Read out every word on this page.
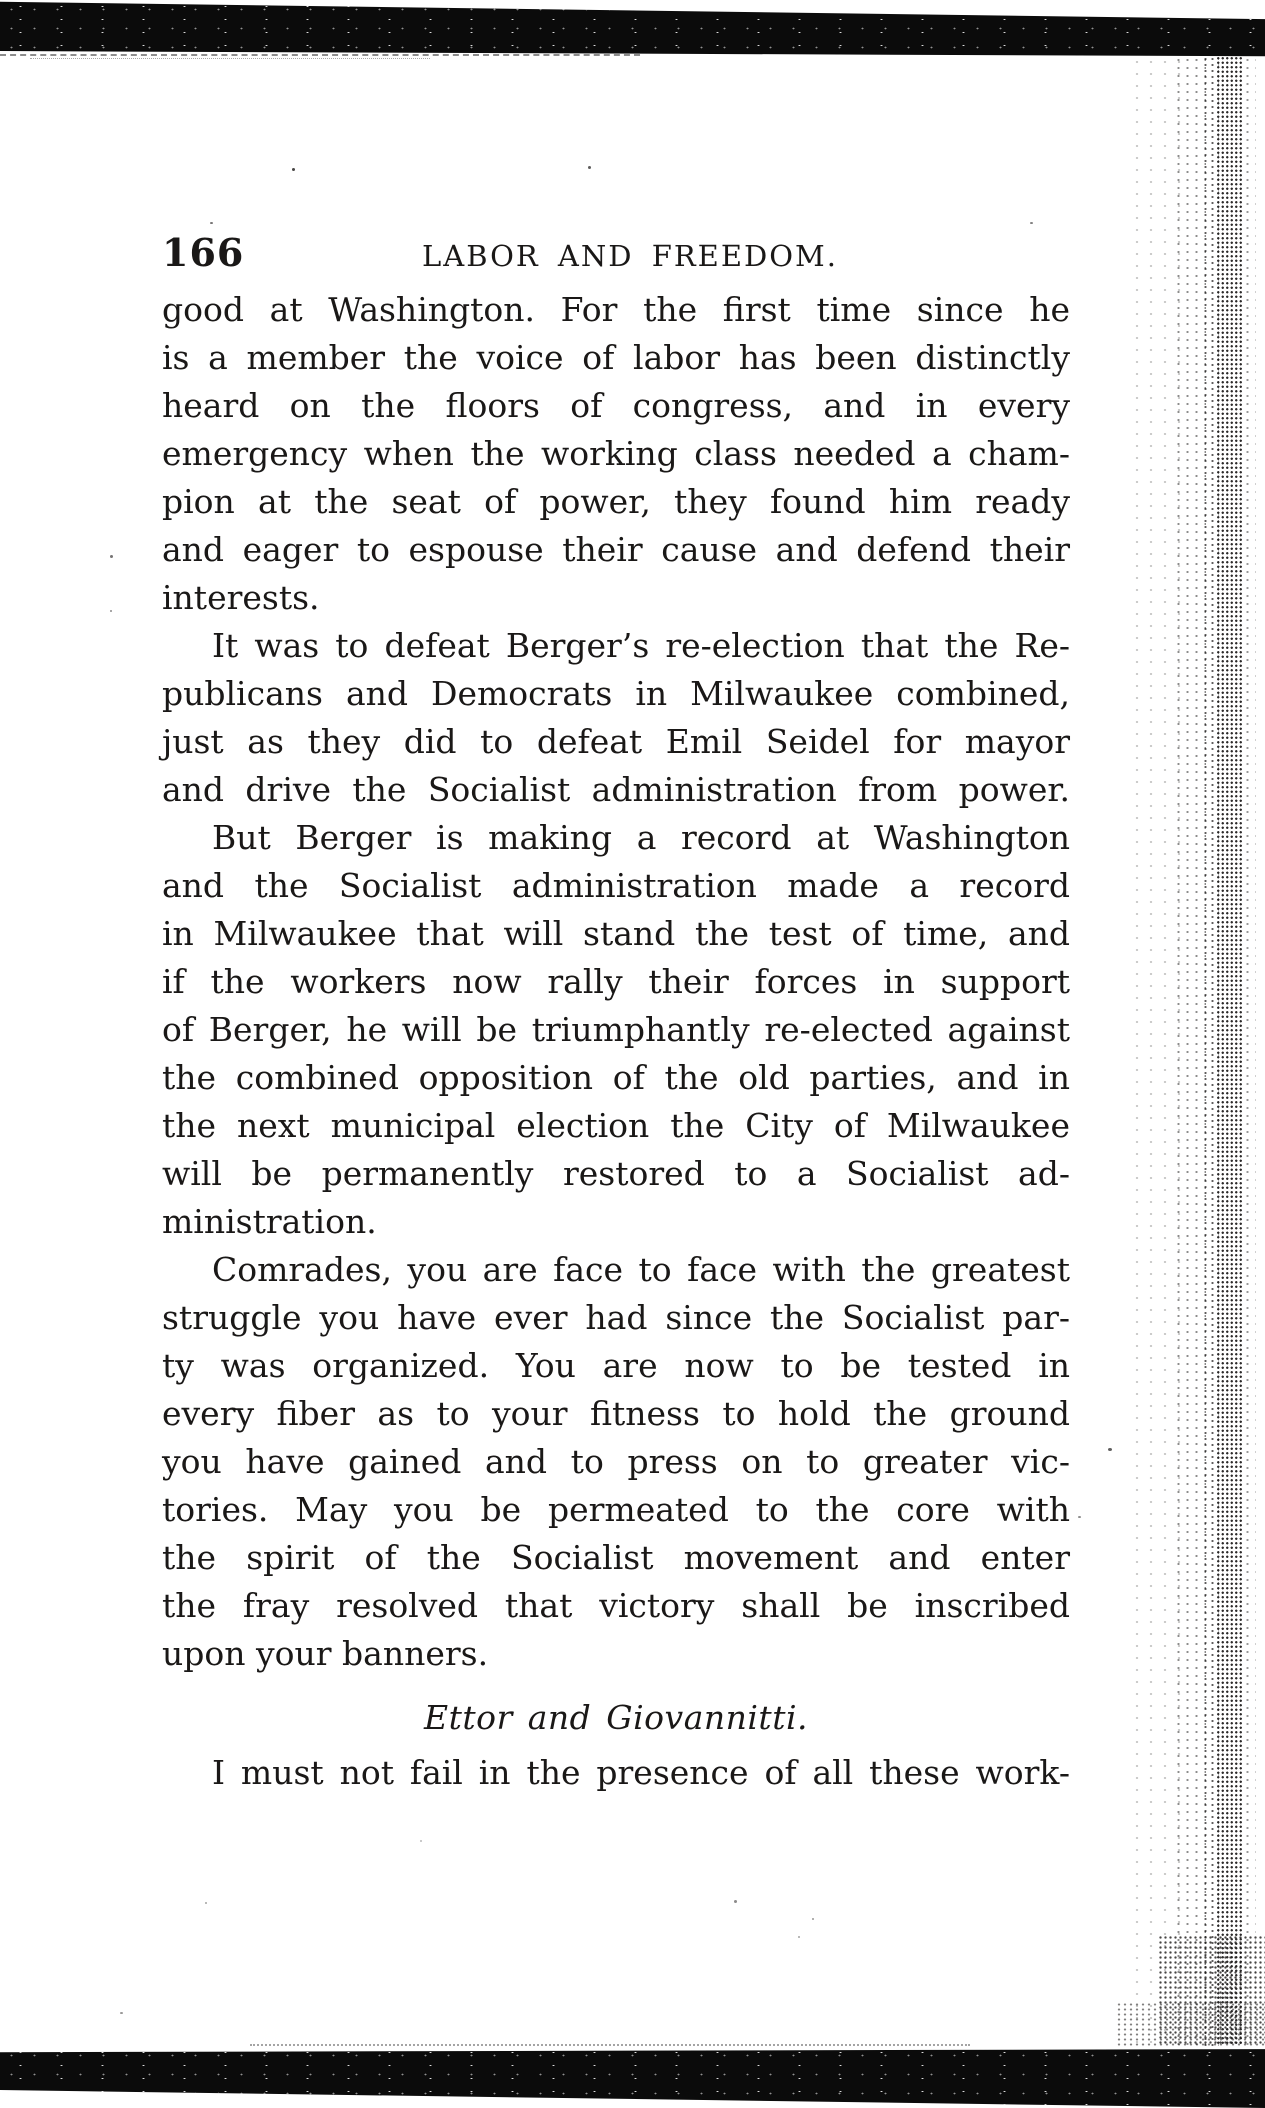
166	LABOR AND FREEDOM.
good at Washington. For the first time since he
is a member the voice of labor has been distinctly
heard on the floors of congress, and in every
emergency when the working class needed a cham-
pion at the seat of power, they found him ready
and eager to espouse their cause and defend their
interests.
It was to defeat Berger’s re-election that the Re-
publicans and Democrats in Milwaukee combined,
just as they did to defeat Emil Seidel for mayor
and drive the Socialist administration from power.
But Berger is making a record at Washington
and the Socialist administration made a record
in Milwaukee that will stand the test of time, and
if the workers now rally their forces in support
of Berger, he will be triumphantly re-elected against
the combined opposition of the old parties, and in
the next municipal election the City of Milwaukee
will be permanently restored to a Socialist ad-
ministration.
Comrades, you are face to face with the greatest
struggle you have ever had since the Socialist par-
ty was organized. You are now to be tested in
every fiber as to your fitness to hold the ground
you have gained and to press on to greater vic-
tories. May you be permeated to the core with
the spirit of the Socialist movement and enter
the fray resolved that victory shall be inscribed
upon your banners.
Ettor and Giovannitti.
I must not fail in the presence of all these work-
